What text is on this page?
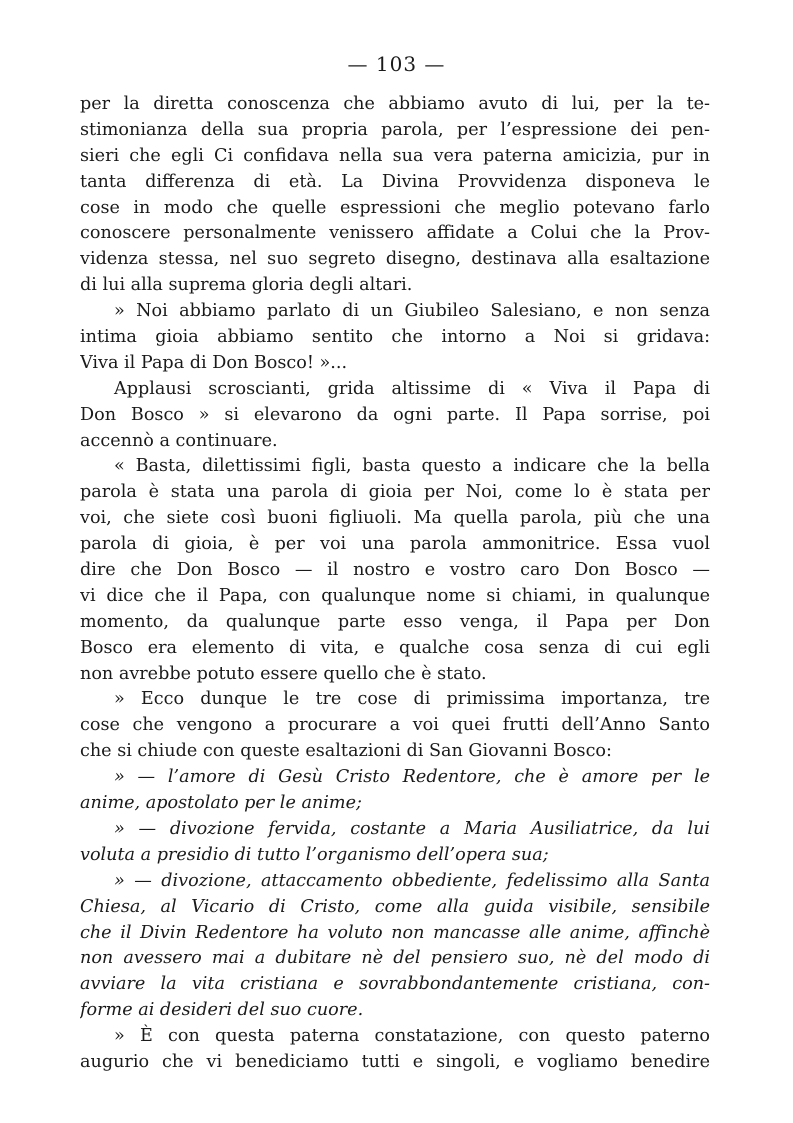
— 103 —
per la diretta conoscenza che abbiamo avuto di lui, per la te-
stimonianza della sua propria parola, per l’espressione dei pen-
sieri che egli Ci confidava nella sua vera paterna amicizia, pur in
tanta differenza di età. La Divina Provvidenza disponeva le
cose in modo che quelle espressioni che meglio potevano farlo
conoscere personalmente venissero affidate a Colui che la Prov-
videnza stessa, nel suo segreto disegno, destinava alla esaltazione
di lui alla suprema gloria degli altari.
» Noi abbiamo parlato di un Giubileo Salesiano, e non senza
intima gioia abbiamo sentito che intorno a Noi si gridava:
Viva il Papa di Don Bosco! »...
Applausi scroscianti, grida altissime di « Viva il Papa di
Don Bosco » si elevarono da ogni parte. Il Papa sorrise, poi
accennò a continuare.
« Basta, dilettissimi figli, basta questo a indicare che la bella
parola è stata una parola di gioia per Noi, come lo è stata per
voi, che siete così buoni figliuoli. Ma quella parola, più che una
parola di gioia, è per voi una parola ammonitrice. Essa vuol
dire che Don Bosco — il nostro e vostro caro Don Bosco —
vi dice che il Papa, con qualunque nome si chiami, in qualunque
momento, da qualunque parte esso venga, il Papa per Don
Bosco era elemento di vita, e qualche cosa senza di cui egli
non avrebbe potuto essere quello che è stato.
» Ecco dunque le tre cose di primissima importanza, tre
cose che vengono a procurare a voi quei frutti dell’Anno Santo
che si chiude con queste esaltazioni di San Giovanni Bosco:
» — l’amore di Gesù Cristo Redentore, che è amore per le
anime, apostolato per le anime;
» — divozione fervida, costante a Maria Ausiliatrice, da lui
voluta a presidio di tutto l’organismo dell’opera sua;
» — divozione, attaccamento obbediente, fedelissimo alla Santa
Chiesa, al Vicario di Cristo, come alla guida visibile, sensibile
che il Divin Redentore ha voluto non mancasse alle anime, affinchè
non avessero mai a dubitare nè del pensiero suo, nè del modo di
avviare la vita cristiana e sovrabbondantemente cristiana, con-
forme ai desideri del suo cuore.
» È con questa paterna constatazione, con questo paterno
augurio che vi benediciamo tutti e singoli, e vogliamo benedire
